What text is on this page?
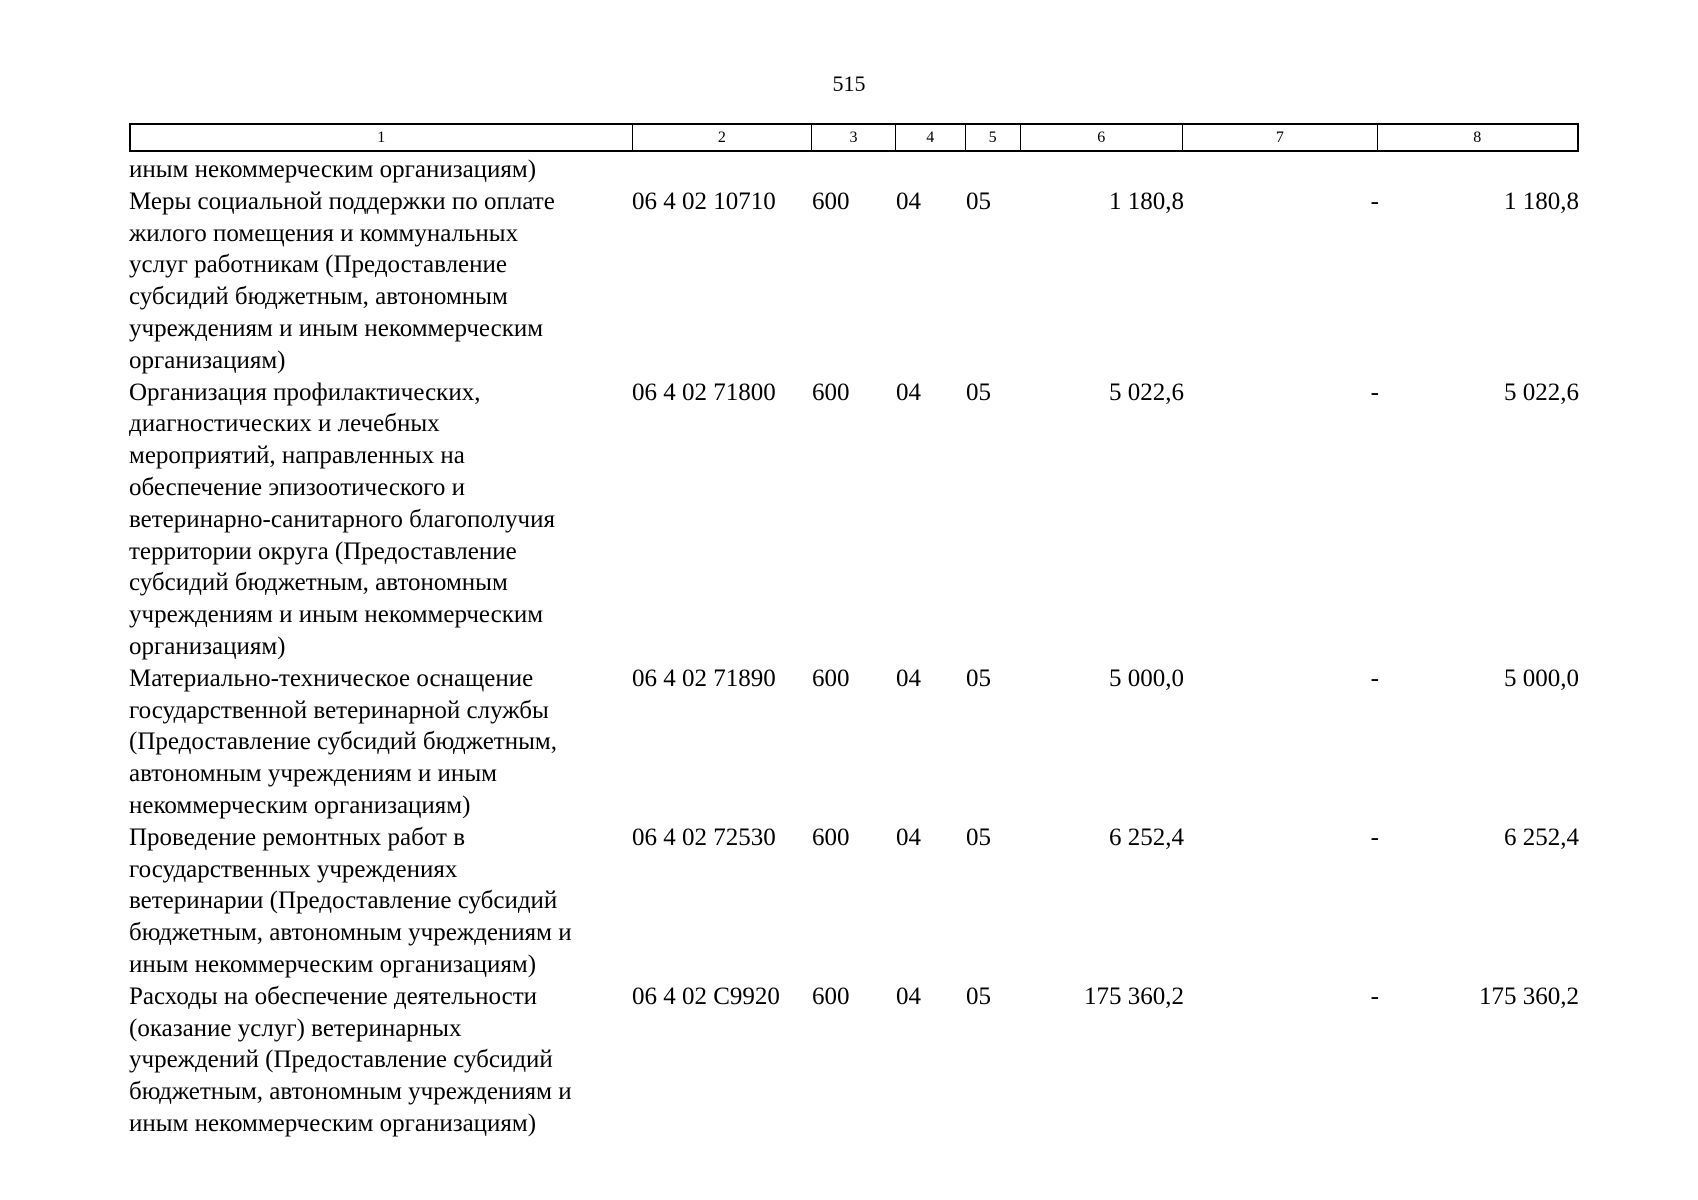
515
1	2	3	4	5	6	7	8
иным некоммерческим организациям)
Меры социальной поддержки по оплате
жилого помещения и коммунальных
услуг работникам (Предоставление
субсидий бюджетным, автономным
учреждениям и иным некоммерческим
организациям)
06 4 02 10710	600	04	05	1 180,8	-	1 180,8
Организация профилактических,
диагностических и лечебных
мероприятий, направленных на
обеспечение эпизоотического и
ветеринарно-санитарного благополучия
территории округа (Предоставление
субсидий бюджетным, автономным
учреждениям и иным некоммерческим
организациям)
06 4 02 71800	600	04	05	5 022,6	-	5 022,6
Материально-техническое оснащение
государственной ветеринарной службы
(Предоставление субсидий бюджетным,
автономным учреждениям и иным
некоммерческим организациям)
06 4 02 71890	600	04	05	5 000,0	-	5 000,0
Проведение ремонтных работ в
государственных учреждениях
ветеринарии (Предоставление субсидий
бюджетным, автономным учреждениям и
иным некоммерческим организациям)
06 4 02 72530	600	04	05	6 252,4	-	6 252,4
Расходы на обеспечение деятельности
(оказание услуг) ветеринарных
учреждений (Предоставление субсидий
бюджетным, автономным учреждениям и
иным некоммерческим организациям)
06 4 02 С9920	600	04	05	175 360,2	-	175 360,2
